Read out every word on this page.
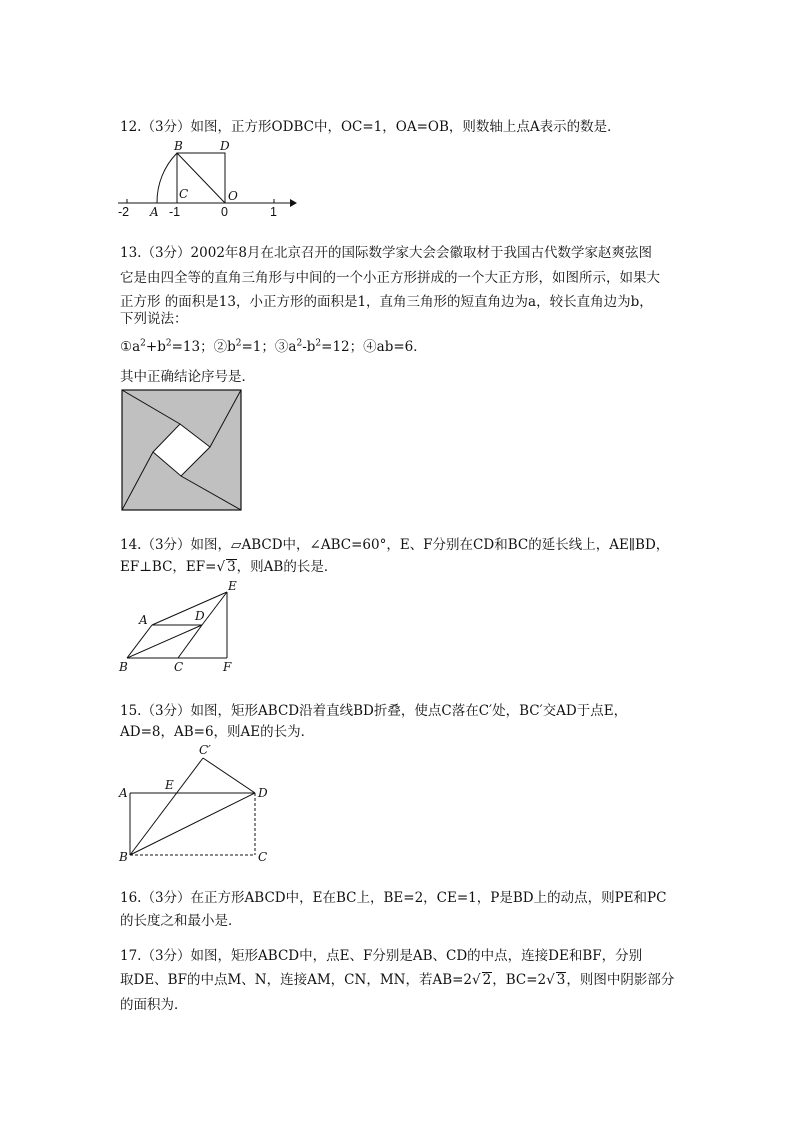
12.（3分）如图，正方形ODBC中，OC=1，OA=OB，则数轴上点A表示的数是．
B	D
C	O
A
-2	-1	0	1
13.（3分）2002年8月在北京召开的国际数学家大会会徽取材于我国古代数学家赵爽弦图
它是由四全等的直角三角形与中间的一个小正方形拼成的一个大正方形，如图所示，如果大
正方形 的面积是13，小正方形的面积是1，直角三角形的短直角边为a，较长直角边为b，
下列说法：
$①a^2+b^2=13$；$②b^2=1$；$③a^2-b^2=12$；④ab=6．
其中正确结论序号是．
14.（3分）如图，▱ABCD中，∠ABC=60°，E、F分别在CD和BC的延长线上，AE∥BD，
EF⊥BC，EF=√ 3，则AB的长是．
A
B	C
D
E
F
15.（3分）如图，矩形ABCD沿着直线BD折叠，使点C落在C′处，BC′交AD于点E，
AD=8，AB=6，则AE的长为．
A
B	C
D
E
C′
16.（3分）在正方形ABCD中，E在BC上，BE=2，CE=1，P是BD上的动点，则PE和PC
的长度之和最小是．
17.（3分）如图，矩形ABCD中，点E、F分别是AB、CD的中点，连接DE和BF，分别
取DE、BF的中点M、N，连接AM，CN，MN，若AB=2√ 2，BC=2√ 3，则图中阴影部分
的面积为．
